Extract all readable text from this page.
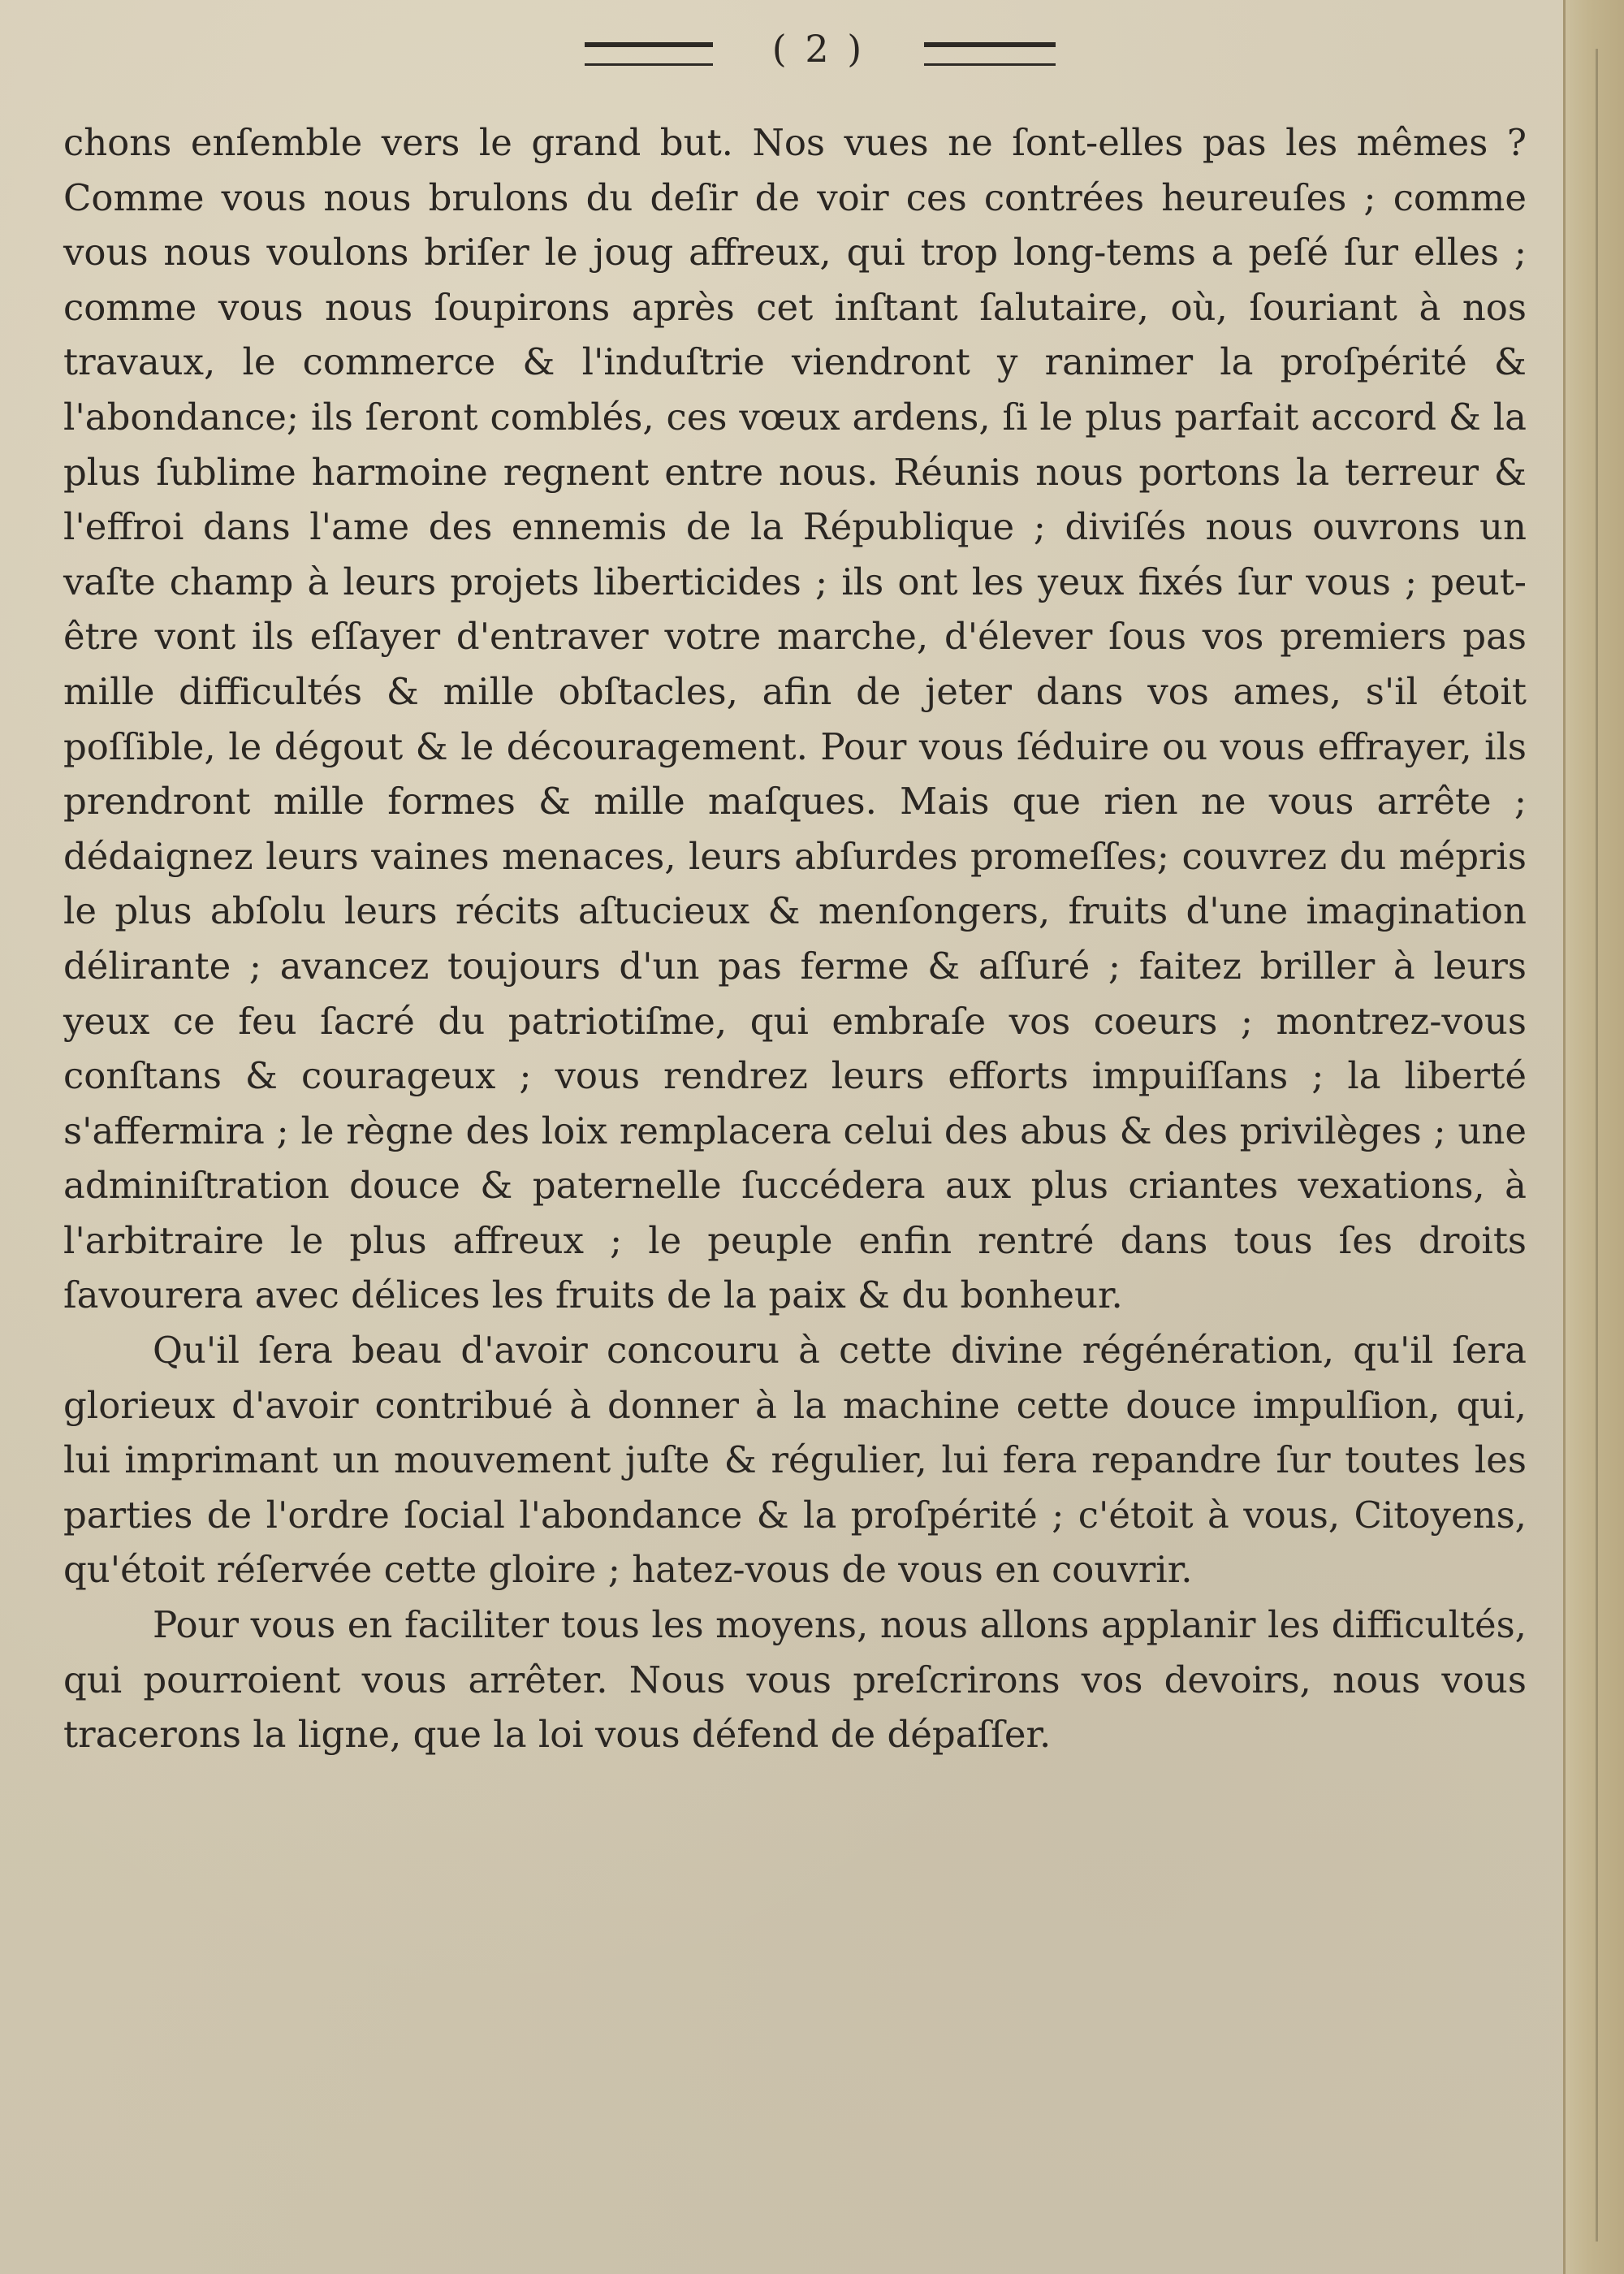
( 2 )

chons enſemble vers le grand but. Nos vues ne ſont-elles pas les mêmes ? Comme vous nous brulons du deſir de voir ces contrées heureuſes ; comme vous nous voulons briſer le joug affreux, qui trop long-tems a peſé ſur elles ; comme vous nous ſoupirons après cet inſtant ſalutaire, où, ſouriant à nos travaux, le commerce & l'induſtrie viendront y ranimer la proſpérité & l'abondance; ils ſeront comblés, ces vœux ardens, ſi le plus parfait accord & la plus ſublime harmoine regnent entre nous. Réunis nous portons la terreur & l'effroi dans l'ame des ennemis de la République ; diviſés nous ouvrons un vaſte champ à leurs projets liberticides ; ils ont les yeux fixés ſur vous ; peut-être vont ils eſſayer d'entraver votre marche, d'élever ſous vos premiers pas mille difficultés & mille obſtacles, afin de jeter dans vos ames, s'il étoit poſſible, le dégout & le découragement. Pour vous ſéduire ou vous effrayer, ils prendront mille formes & mille maſques. Mais que rien ne vous arrête ; dédaignez leurs vaines menaces, leurs abſurdes promeſſes; couvrez du mépris le plus abſolu leurs récits aſtucieux & menſongers, fruits d'une imagination délirante ; avancez toujours d'un pas ferme & aſſuré ; faitez briller à leurs yeux ce feu ſacré du patriotiſme, qui embraſe vos coeurs ; montrez-vous conſtans & courageux ; vous rendrez leurs efforts impuiſſans ; la liberté s'affermira ; le règne des loix remplacera celui des abus & des privilèges ; une adminiſtration douce & paternelle ſuccédera aux plus criantes vexations, à l'arbitraire le plus affreux ; le peuple enfin rentré dans tous ſes droits ſavourera avec délices les fruits de la paix & du bonheur.

Qu'il ſera beau d'avoir concouru à cette divine régénération, qu'il ſera glorieux d'avoir contribué à donner à la machine cette douce impulſion, qui, lui imprimant un mouvement juſte & régulier, lui fera repandre ſur toutes les parties de l'ordre ſocial l'abondance & la proſpérité ; c'étoit à vous, Citoyens, qu'étoit réſervée cette gloire ; hatez-vous de vous en couvrir.

Pour vous en faciliter tous les moyens, nous allons applanir les difficultés, qui pourroient vous arrêter. Nous vous preſcrirons vos devoirs, nous vous tracerons la ligne, que la loi vous défend de dépaſſer.
